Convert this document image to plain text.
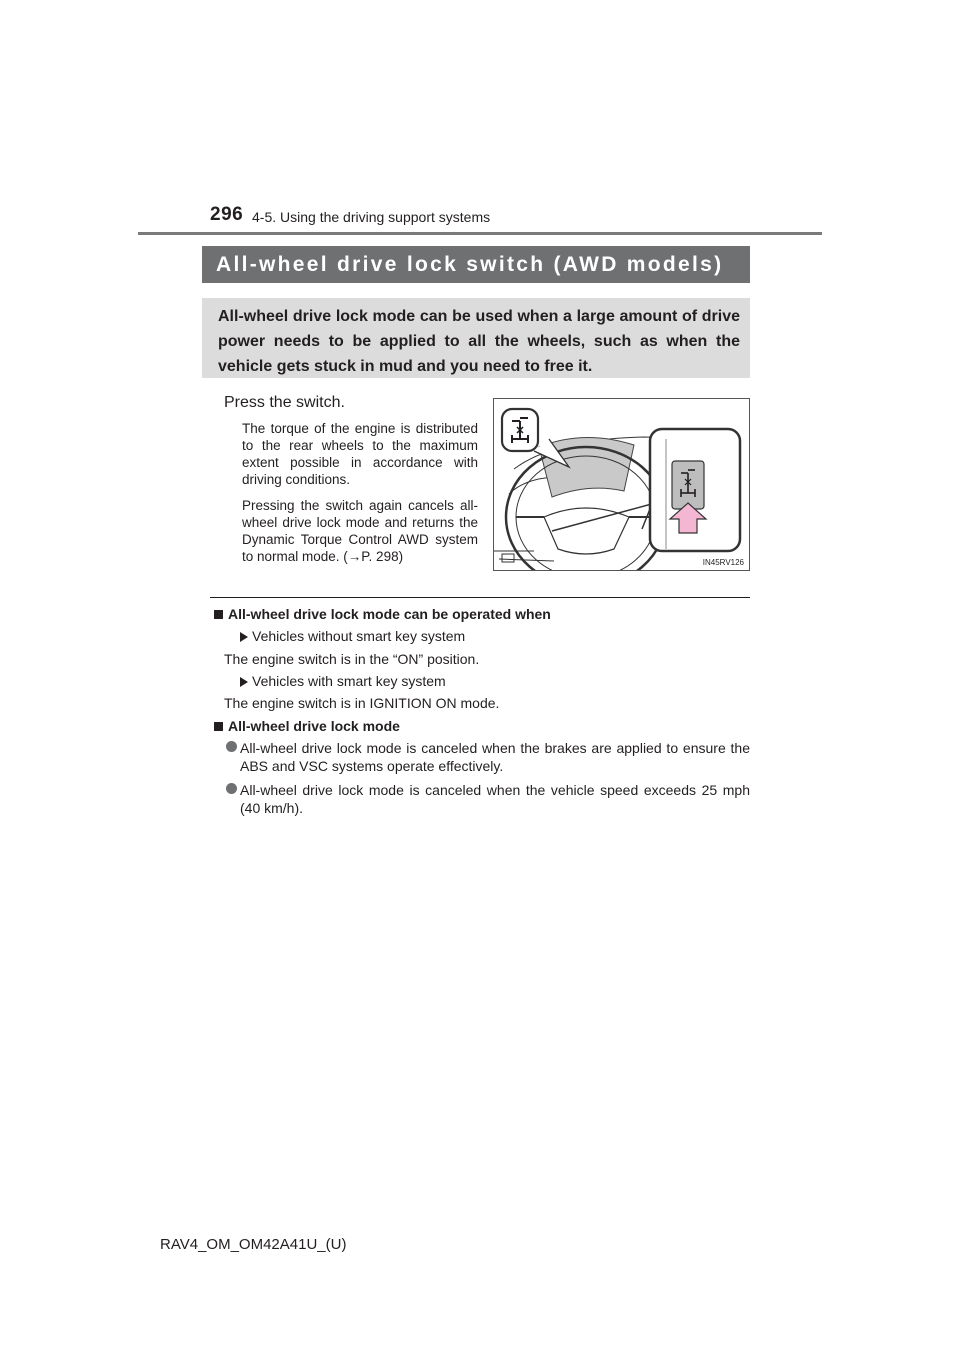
296 4-5. Using the driving support systems
All-wheel drive lock switch (AWD models)

All-wheel drive lock mode can be used when a large amount of drive power needs to be applied to all the wheels, such as when the vehicle gets stuck in mud and you need to free it.

Press the switch.

The torque of the engine is distributed to the rear wheels to the maximum extent possible in accordance with driving conditions.

Pressing the switch again cancels all-wheel drive lock mode and returns the Dynamic Torque Control AWD system to normal mode. (→P. 298)	IN45RV126
All-wheel drive lock mode can be operated when
Vehicles without smart key system
The engine switch is in the “ON” position.
Vehicles with smart key system
The engine switch is in IGNITION ON mode.
All-wheel drive lock mode

All-wheel drive lock mode is canceled when the brakes are applied to ensure the ABS and VSC systems operate effectively.

All-wheel drive lock mode is canceled when the vehicle speed exceeds 25 mph (40 km/h).

RAV4_OM_OM42A41U_(U)
